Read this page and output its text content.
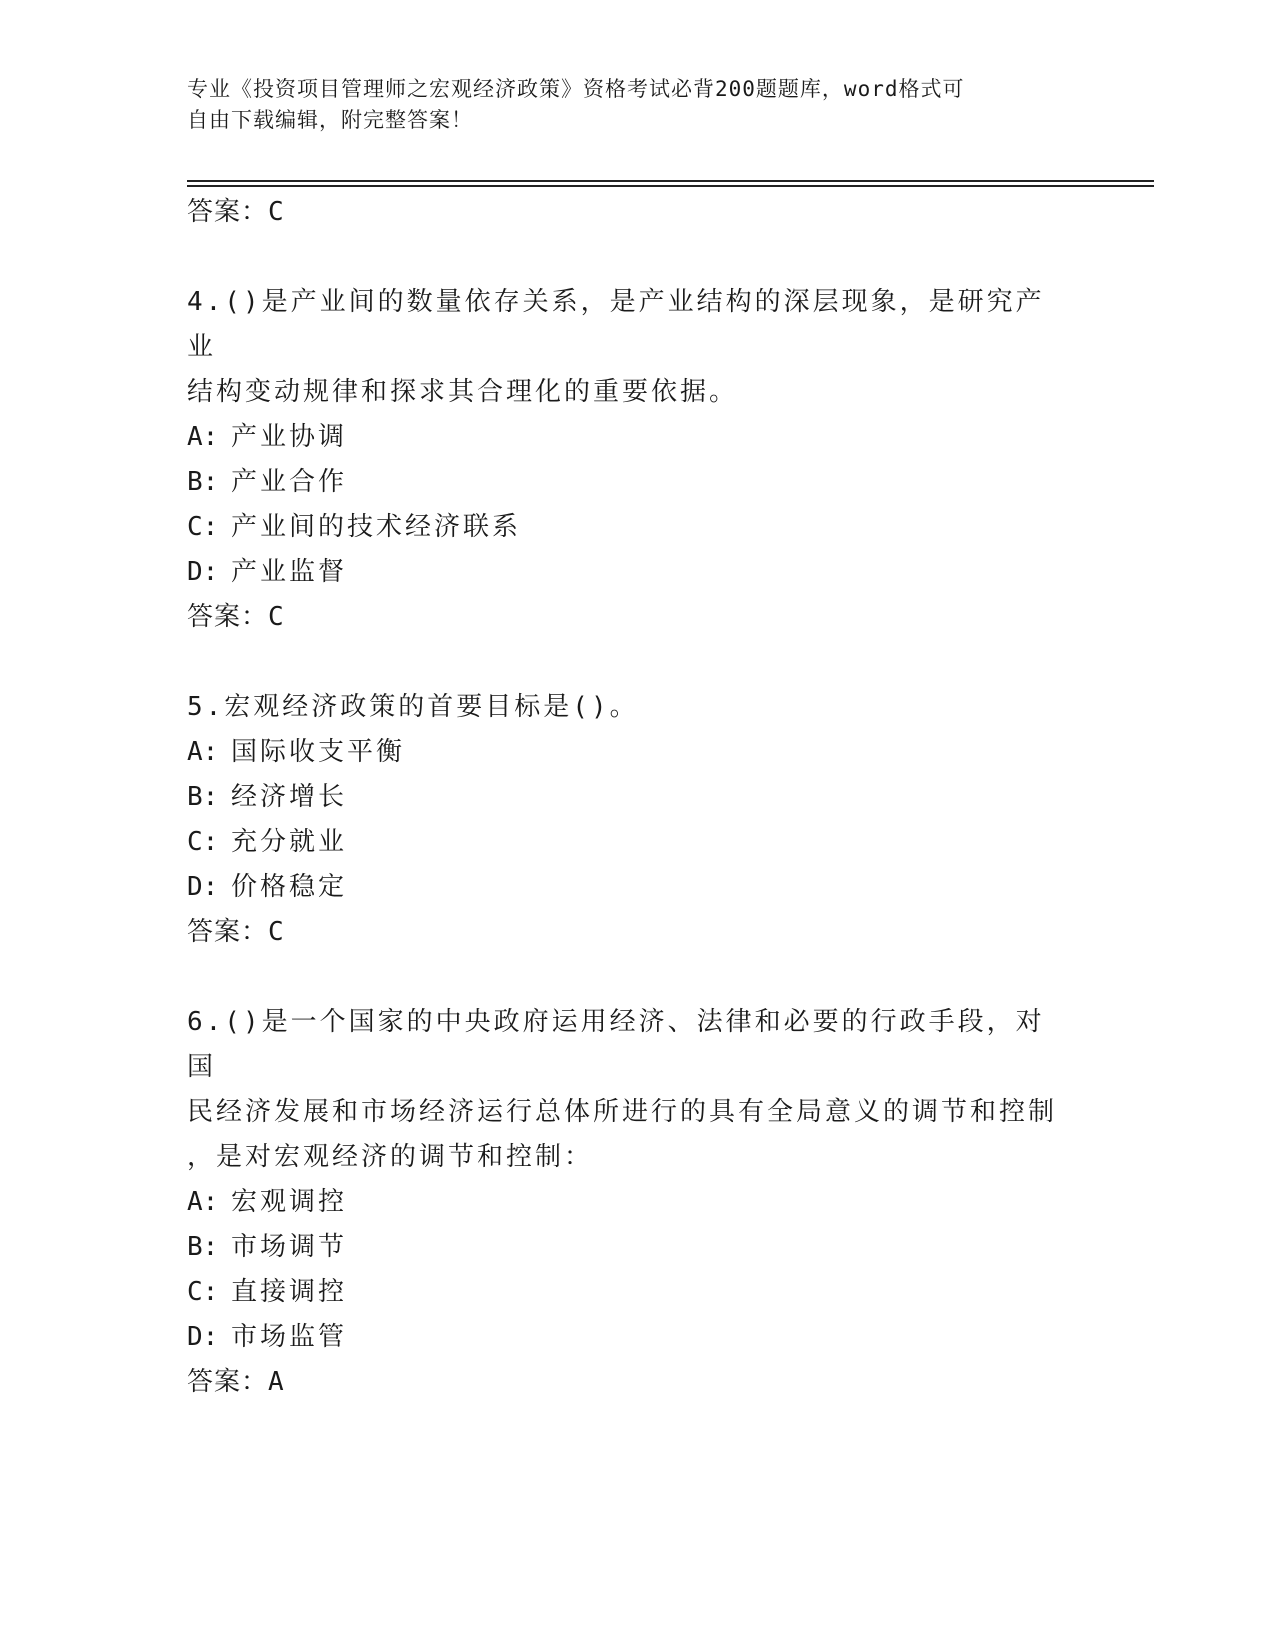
专业《投资项目管理师之宏观经济政策》资格考试必背200题题库，word格式可
自由下载编辑，附完整答案！
答案：C
4.()是产业间的数量依存关系，是产业结构的深层现象，是研究产业
结构变动规律和探求其合理化的重要依据。
A: 产业协调
B: 产业合作
C: 产业间的技术经济联系
D: 产业监督
答案：C
5.宏观经济政策的首要目标是()。
A: 国际收支平衡
B: 经济增长
C: 充分就业
D: 价格稳定
答案：C
6.()是一个国家的中央政府运用经济、法律和必要的行政手段，对国
民经济发展和市场经济运行总体所进行的具有全局意义的调节和控制
，是对宏观经济的调节和控制：
A: 宏观调控
B: 市场调节
C: 直接调控
D: 市场监管
答案：A
